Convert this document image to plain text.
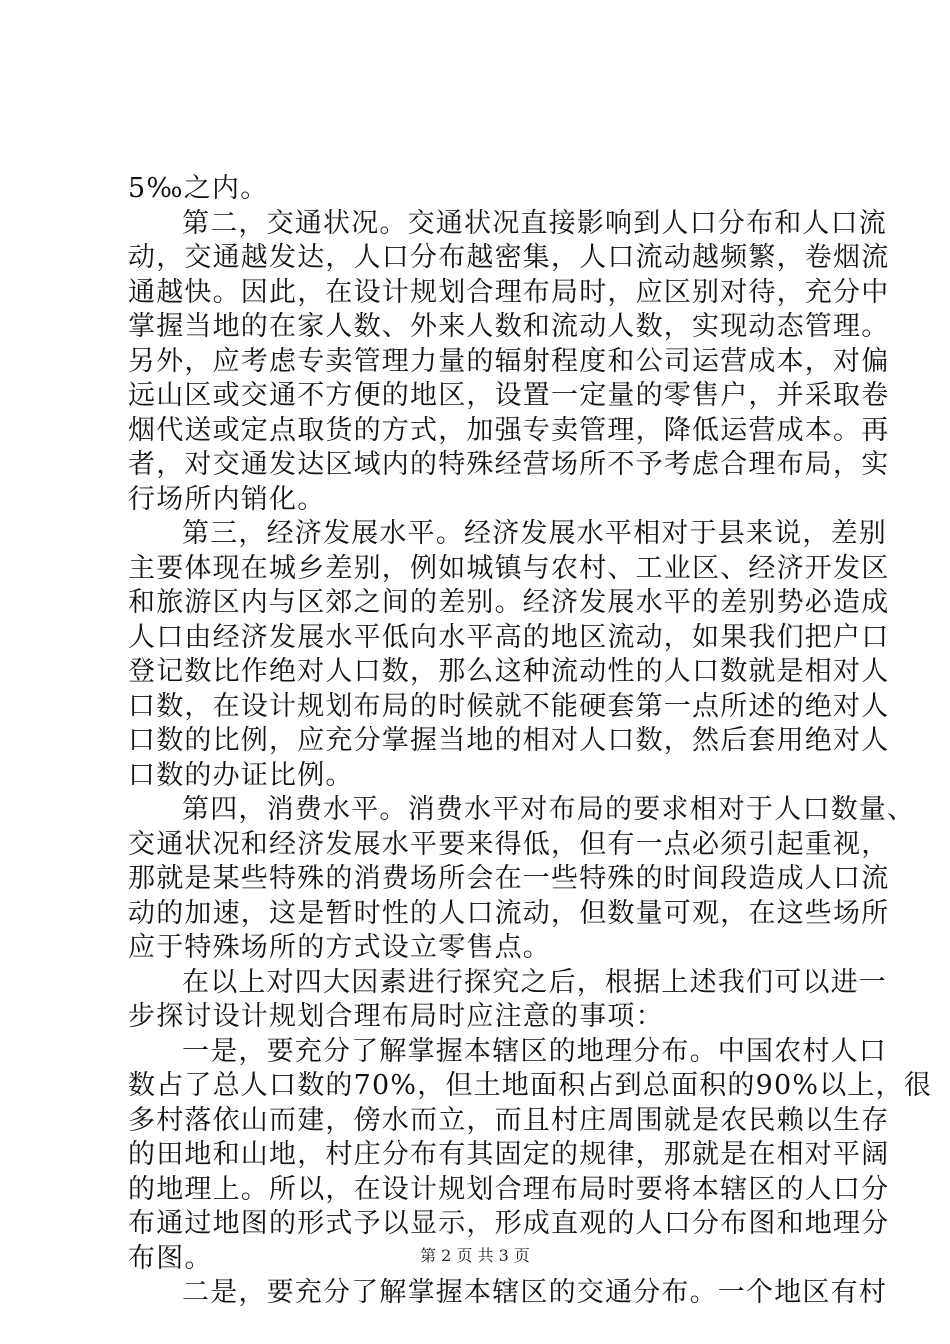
5‰之内。
第二，交通状况。交通状况直接影响到人口分布和人口流
动，交通越发达，人口分布越密集，人口流动越频繁，卷烟流
通越快。因此，在设计规划合理布局时，应区别对待，充分中
掌握当地的在家人数、外来人数和流动人数，实现动态管理。
另外，应考虑专卖管理力量的辐射程度和公司运营成本，对偏
远山区或交通不方便的地区，设置一定量的零售户，并采取卷
烟代送或定点取货的方式，加强专卖管理，降低运营成本。再
者，对交通发达区域内的特殊经营场所不予考虑合理布局，实
行场所内销化。
第三，经济发展水平。经济发展水平相对于县来说，差别
主要体现在城乡差别，例如城镇与农村、工业区、经济开发区
和旅游区内与区郊之间的差别。经济发展水平的差别势必造成
人口由经济发展水平低向水平高的地区流动，如果我们把户口
登记数比作绝对人口数，那么这种流动性的人口数就是相对人
口数，在设计规划布局的时候就不能硬套第一点所述的绝对人
口数的比例，应充分掌握当地的相对人口数，然后套用绝对人
口数的办证比例。
第四，消费水平。消费水平对布局的要求相对于人口数量、
交通状况和经济发展水平要来得低，但有一点必须引起重视，
那就是某些特殊的消费场所会在一些特殊的时间段造成人口流
动的加速，这是暂时性的人口流动，但数量可观，在这些场所
应于特殊场所的方式设立零售点。
在以上对四大因素进行探究之后，根据上述我们可以进一
步探讨设计规划合理布局时应注意的事项：
一是，要充分了解掌握本辖区的地理分布。中国农村人口
数占了总人口数的70%，但土地面积占到总面积的90%以上，很
多村落依山而建，傍水而立，而且村庄周围就是农民赖以生存
的田地和山地，村庄分布有其固定的规律，那就是在相对平阔
的地理上。所以，在设计规划合理布局时要将本辖区的人口分
布通过地图的形式予以显示，形成直观的人口分布图和地理分
布图。
二是，要充分了解掌握本辖区的交通分布。一个地区有村
第 2 页 共 3 页
